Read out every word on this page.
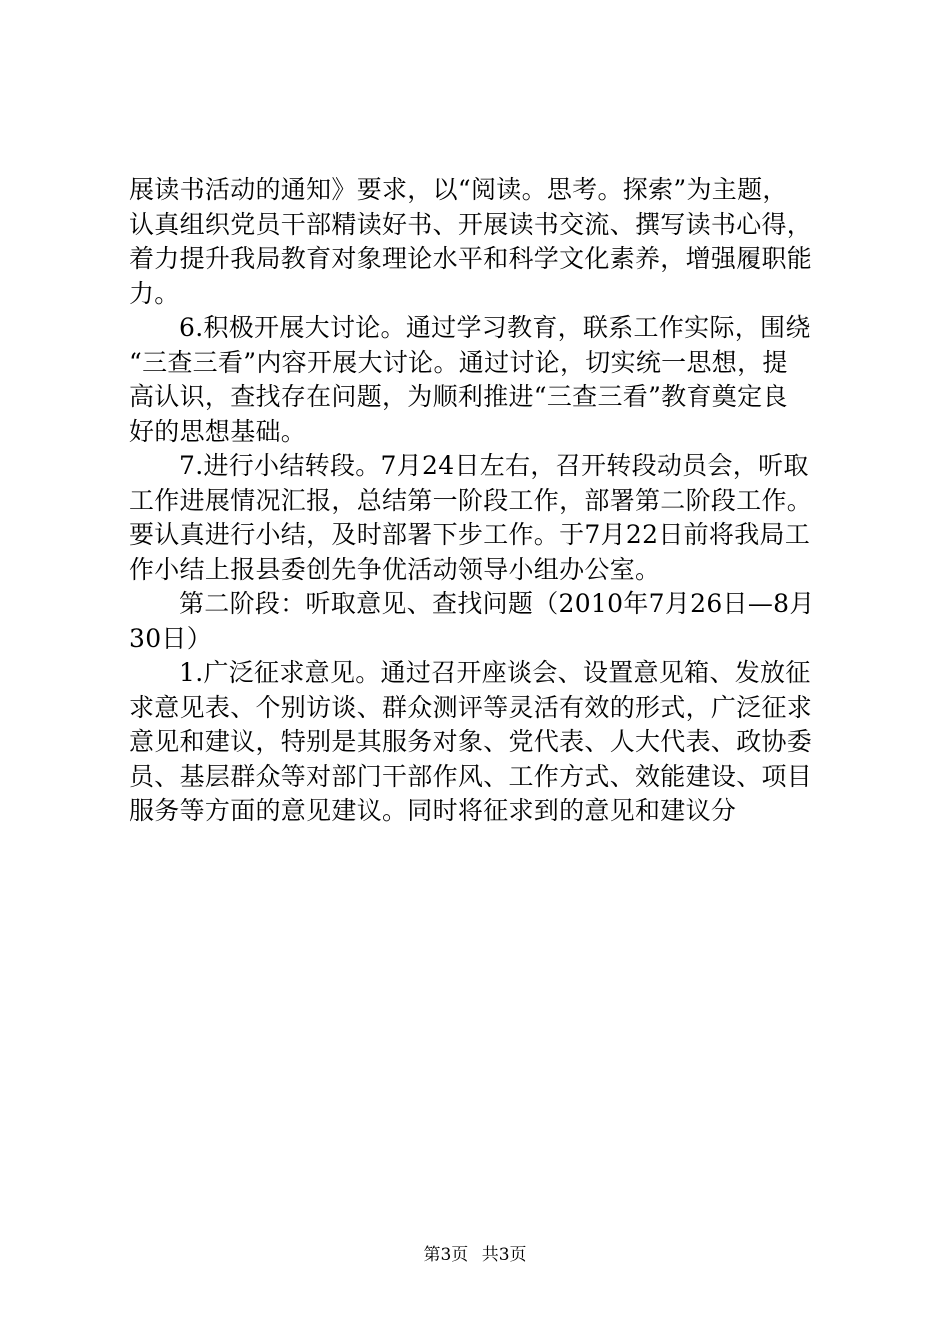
展读书活动的通知》要求，以“阅读。思考。探索”为主题，
认真组织党员干部精读好书、开展读书交流、撰写读书心得，
着力提升我局教育对象理论水平和科学文化素养，增强履职能
力。
6.积极开展大讨论。通过学习教育，联系工作实际，围绕
“三查三看”内容开展大讨论。通过讨论，切实统一思想，提
高认识，查找存在问题，为顺利推进“三查三看”教育奠定良
好的思想基础。
7.进行小结转段。7月24日左右，召开转段动员会，听取
工作进展情况汇报，总结第一阶段工作，部署第二阶段工作。
要认真进行小结，及时部署下步工作。于7月22日前将我局工
作小结上报县委创先争优活动领导小组办公室。
第二阶段：听取意见、查找问题（2010年7月26日—8月
30日）
1.广泛征求意见。通过召开座谈会、设置意见箱、发放征
求意见表、个别访谈、群众测评等灵活有效的形式，广泛征求
意见和建议，特别是其服务对象、党代表、人大代表、政协委
员、基层群众等对部门干部作风、工作方式、效能建设、项目
服务等方面的意见建议。同时将征求到的意见和建议分
第3页 共3页
